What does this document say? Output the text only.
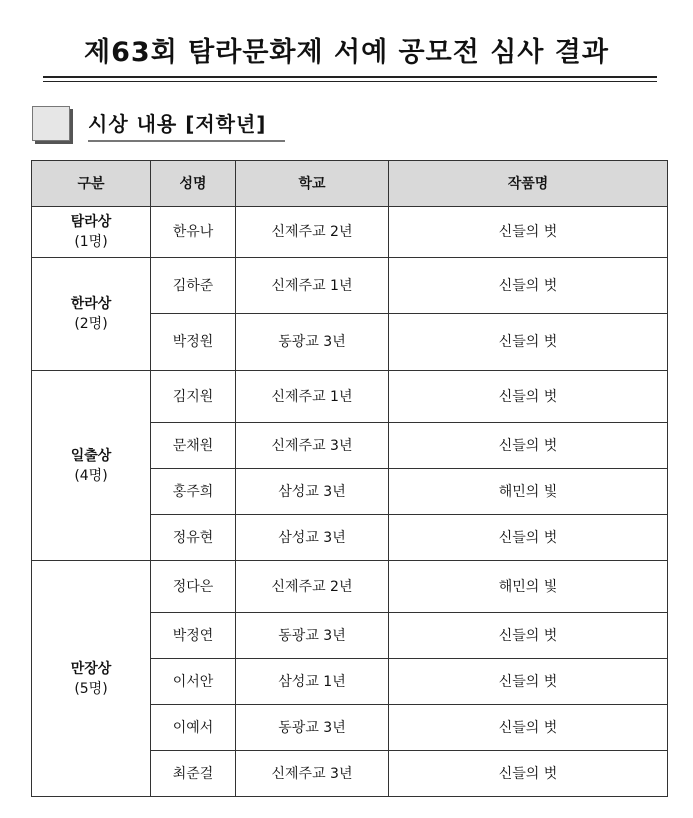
제63회 탐라문화제 서예 공모전 심사 결과
시상 내용 [저학년]
구분	성명	학교	작품명

탐라상
(1명)	한유나	신제주교 2년	신들의 벗

한라상
(2명)	김하준	신제주교 1년	신들의 벗
	박정원	동광교 3년	신들의 벗

일출상
(4명)	김지원	신제주교 1년	신들의 벗
	문채원	신제주교 3년	신들의 벗
	홍주희	삼성교 3년	해민의 빛
	정유현	삼성교 3년	신들의 벗

만장상
(5명)	정다은	신제주교 2년	해민의 빛
	박정연	동광교 3년	신들의 벗
	이서안	삼성교 1년	신들의 벗
	이예서	동광교 3년	신들의 벗
	최준걸	신제주교 3년	신들의 벗
